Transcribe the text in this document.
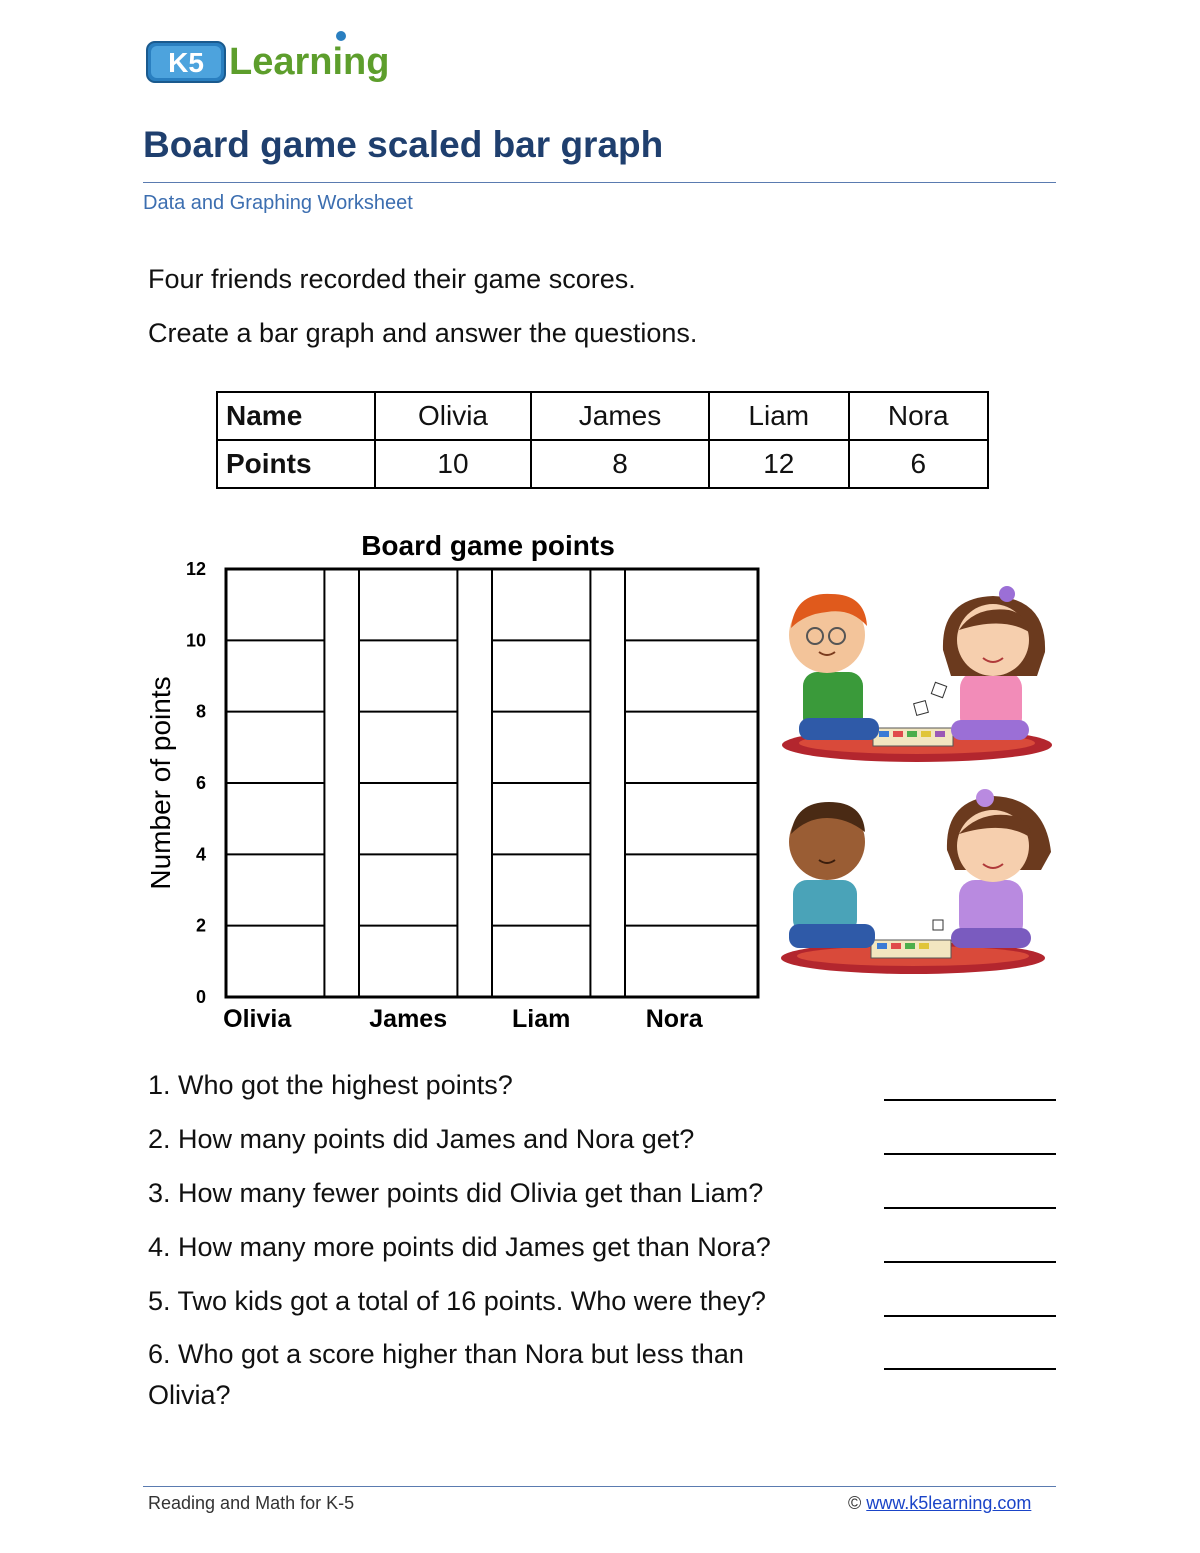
K5 Learning
Board game scaled bar graph
Data and Graphing Worksheet
Four friends recorded their game scores.
Create a bar graph and answer the questions.
Name	Olivia	James	Liam	Nora
Points	10	8	12	6
Board game points
0
2
4
6
8
10
12
Olivia	James	Liam	Nora
Number of points
1. Who got the highest points?
2. How many points did James and Nora get?
3. How many fewer points did Olivia get than Liam?
4. How many more points did James get than Nora?
5. Two kids got a total of 16 points. Who were they?
6. Who got a score higher than Nora but less than
Olivia?
Reading and Math for K-5	© www.k5learning.com
